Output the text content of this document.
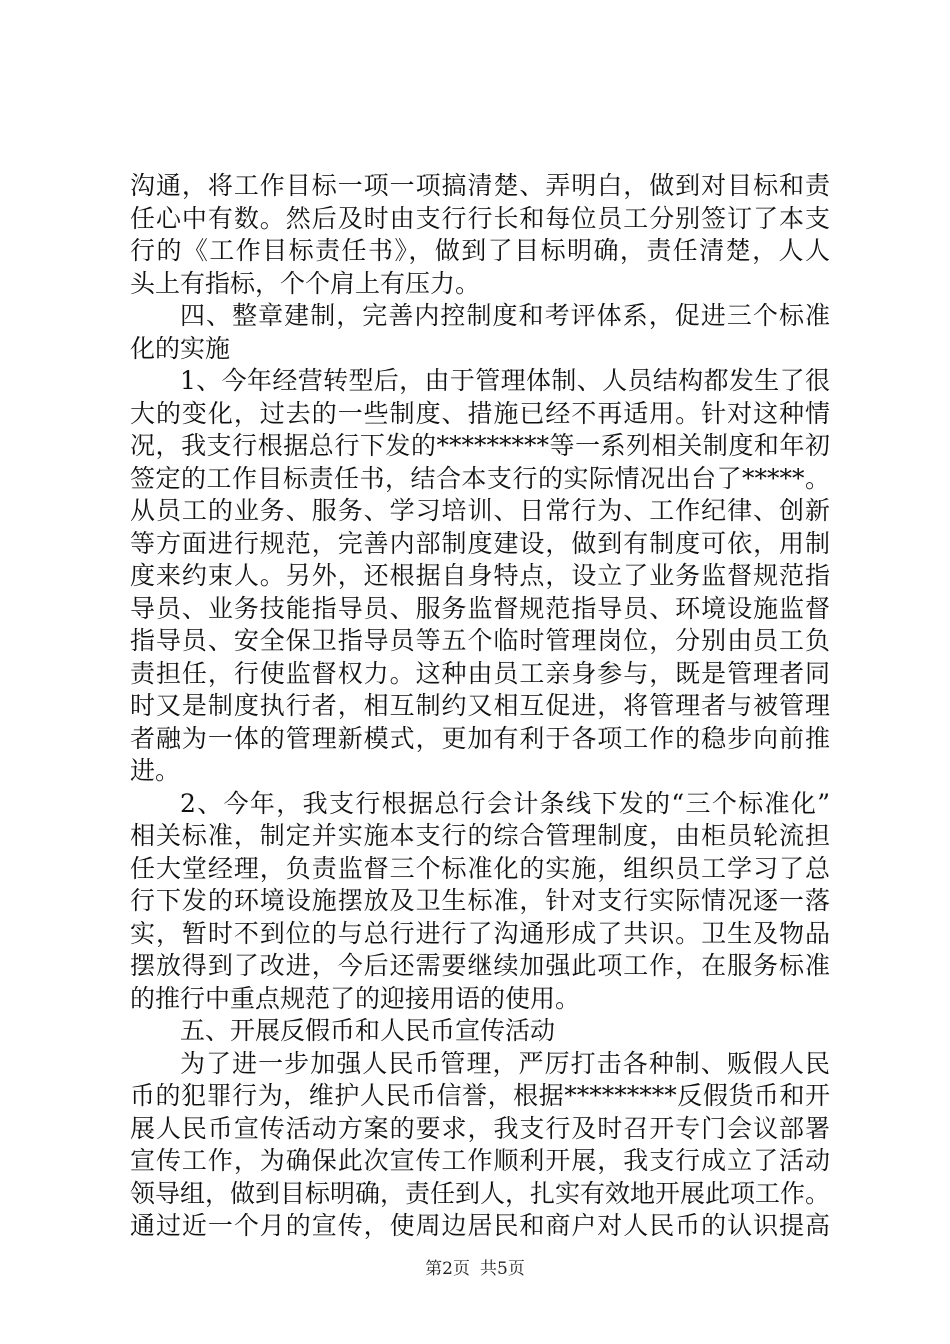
沟通，将工作目标一项一项搞清楚、弄明白，做到对目标和责
任心中有数。然后及时由支行行长和每位员工分别签订了本支
行的《工作目标责任书》，做到了目标明确，责任清楚，人人
头上有指标，个个肩上有压力。
四、整章建制，完善内控制度和考评体系，促进三个标准
化的实施
1、今年经营转型后，由于管理体制、人员结构都发生了很
大的变化，过去的一些制度、措施已经不再适用。针对这种情
况，我支行根据总行下发的*********等一系列相关制度和年初
签定的工作目标责任书，结合本支行的实际情况出台了*****。
从员工的业务、服务、学习培训、日常行为、工作纪律、创新
等方面进行规范，完善内部制度建设，做到有制度可依，用制
度来约束人。另外，还根据自身特点，设立了业务监督规范指
导员、业务技能指导员、服务监督规范指导员、环境设施监督
指导员、安全保卫指导员等五个临时管理岗位，分别由员工负
责担任，行使监督权力。这种由员工亲身参与，既是管理者同
时又是制度执行者，相互制约又相互促进，将管理者与被管理
者融为一体的管理新模式，更加有利于各项工作的稳步向前推
进。
2、今年，我支行根据总行会计条线下发的“三个标准化”
相关标准，制定并实施本支行的综合管理制度，由柜员轮流担
任大堂经理，负责监督三个标准化的实施，组织员工学习了总
行下发的环境设施摆放及卫生标准，针对支行实际情况逐一落
实，暂时不到位的与总行进行了沟通形成了共识。卫生及物品
摆放得到了改进，今后还需要继续加强此项工作，在服务标准
的推行中重点规范了的迎接用语的使用。
五、开展反假币和人民币宣传活动
为了进一步加强人民币管理，严厉打击各种制、贩假人民
币的犯罪行为，维护人民币信誉，根据*********反假货币和开
展人民币宣传活动方案的要求，我支行及时召开专门会议部署
宣传工作，为确保此次宣传工作顺利开展，我支行成立了活动
领导组，做到目标明确，责任到人，扎实有效地开展此项工作。
通过近一个月的宣传，使周边居民和商户对人民币的认识提高
第2页 共5页
